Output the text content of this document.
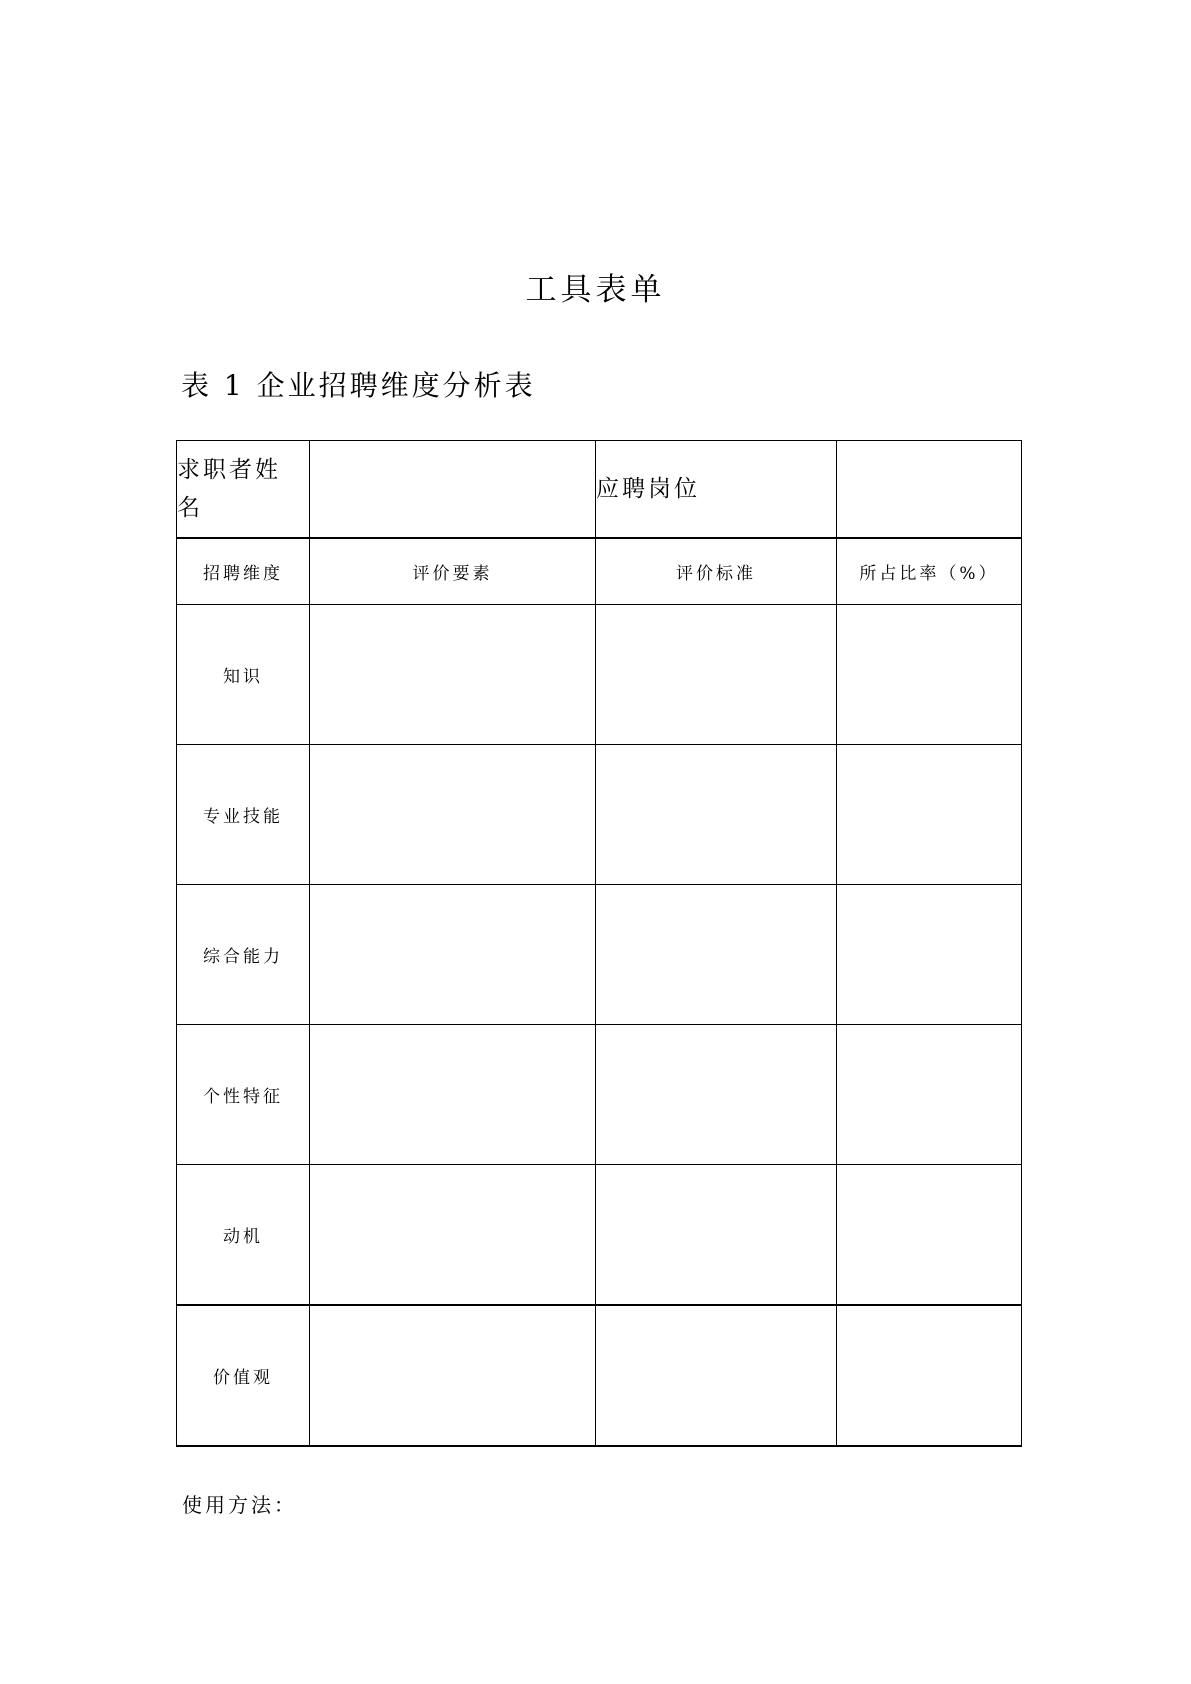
工具表单
表 1 企业招聘维度分析表
求职者姓名		应聘岗位	
招聘维度	评价要素	评价标准	所占比率（%）
知识			
专业技能			
综合能力			
个性特征			
动机			
价值观			
使用方法：
